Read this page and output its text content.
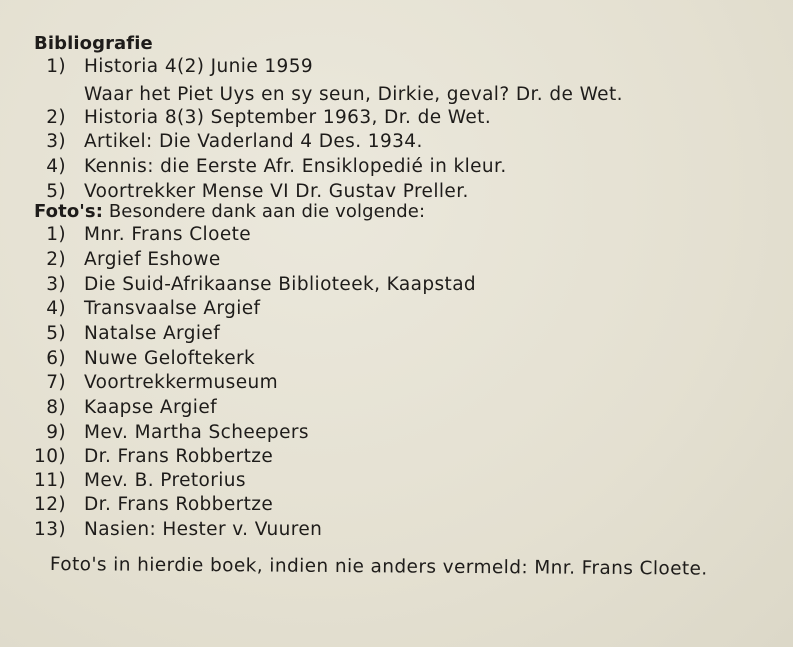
Bibliografie
1) Historia 4(2) Junie 1959
Waar het Piet Uys en sy seun, Dirkie, geval? Dr. de Wet.
2) Historia 8(3) September 1963, Dr. de Wet.
3) Artikel: Die Vaderland 4 Des. 1934.
4) Kennis: die Eerste Afr. Ensiklopedié in kleur.
5) Voortrekker Mense VI Dr. Gustav Preller.
Foto's: Besondere dank aan die volgende:
1) Mnr. Frans Cloete
2) Argief Eshowe
3) Die Suid-Afrikaanse Biblioteek, Kaapstad
4) Transvaalse Argief
5) Natalse Argief
6) Nuwe Geloftekerk
7) Voortrekkermuseum
8) Kaapse Argief
9) Mev. Martha Scheepers
10) Dr. Frans Robbertze
11) Mev. B. Pretorius
12) Dr. Frans Robbertze
13) Nasien: Hester v. Vuuren
Foto's in hierdie boek, indien nie anders vermeld: Mnr. Frans Cloete.
